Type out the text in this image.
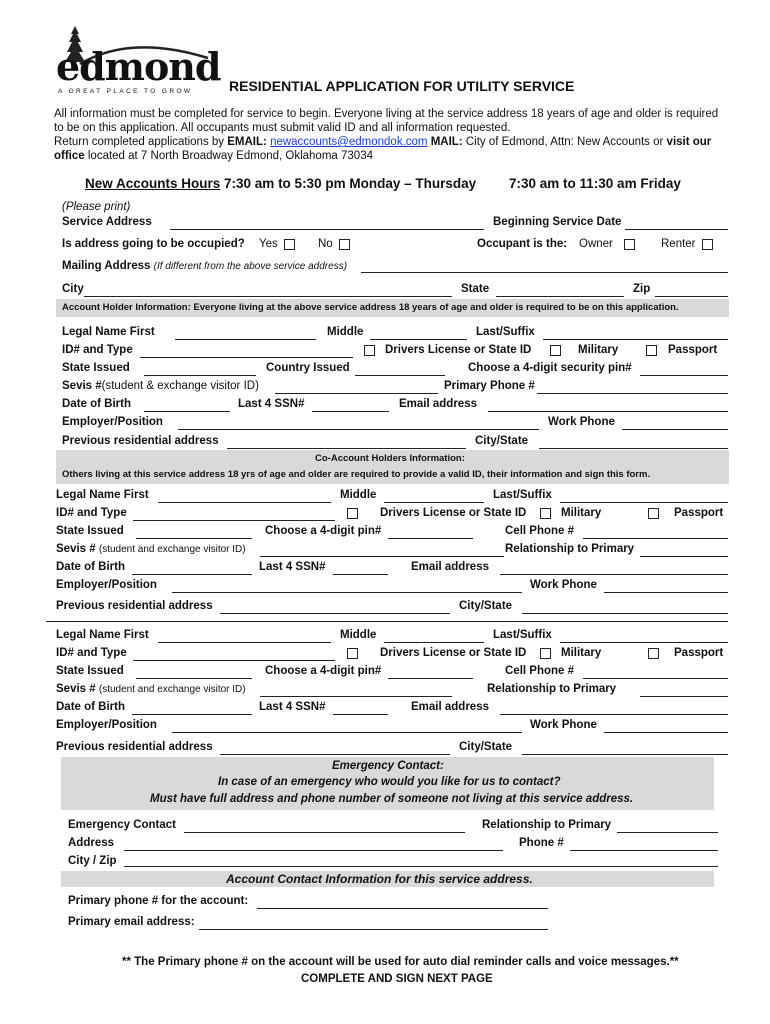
edmond
A GREAT PLACE TO GROW	RESIDENTIAL APPLICATION FOR UTILITY SERVICE
All information must be completed for service to begin. Everyone living at the service address 18 years of age and older is required
to be on this application. All occupants must submit valid ID and all information requested.
Return completed applications by EMAIL: newaccounts@edmondok.com MAIL: City of Edmond, Attn: New Accounts or visit our
office located at 7 North Broadway Edmond, Oklahoma 73034
New Accounts Hours 7:30 am to 5:30 pm Monday – Thursday 7:30 am to 11:30 am Friday
(Please print)
Service Address	Beginning Service Date
Is address going to be occupied? Yes	No	Occupant is the: Owner	Renter
Mailing Address (If different from the above service address)
City	State	Zip
Account Holder Information: Everyone living at the above service address 18 years of age and older is required to be on this application.
Legal Name First	Middle	Last/Suffix
ID# and Type	Drivers License or State ID	Military	Passport
State Issued	Country Issued	Choose a 4-digit security pin#
Sevis #(student & exchange visitor ID)	Primary Phone #
Date of Birth	Last 4 SSN#	Email address
Employer/Position	Work Phone
Previous residential address	City/State
Co-Account Holders Information:
Others living at this service address 18 yrs of age and older are required to provide a valid ID, their information and sign this form.
Legal Name First	Middle	Last/Suffix
ID# and Type	Drivers License or State ID	Military	Passport
State Issued	Choose a 4-digit pin#	Cell Phone #
Sevis # (student and exchange visitor ID)	Relationship to Primary
Date of Birth	Last 4 SSN#	Email address
Employer/Position	Work Phone
Previous residential address	City/State
Legal Name First	Middle	Last/Suffix
ID# and Type	Drivers License or State ID	Military	Passport
State Issued	Choose a 4-digit pin#	Cell Phone #
Sevis # (student and exchange visitor ID)	Relationship to Primary
Date of Birth	Last 4 SSN#	Email address
Employer/Position	Work Phone
Previous residential address	City/State
Emergency Contact:
In case of an emergency who would you like for us to contact?
Must have full address and phone number of someone not living at this service address.
Emergency Contact	Relationship to Primary
Address	Phone #
City / Zip
Account Contact Information for this service address.
Primary phone # for the account:
Primary email address:
** The Primary phone # on the account will be used for auto dial reminder calls and voice messages.**
COMPLETE AND SIGN NEXT PAGE
